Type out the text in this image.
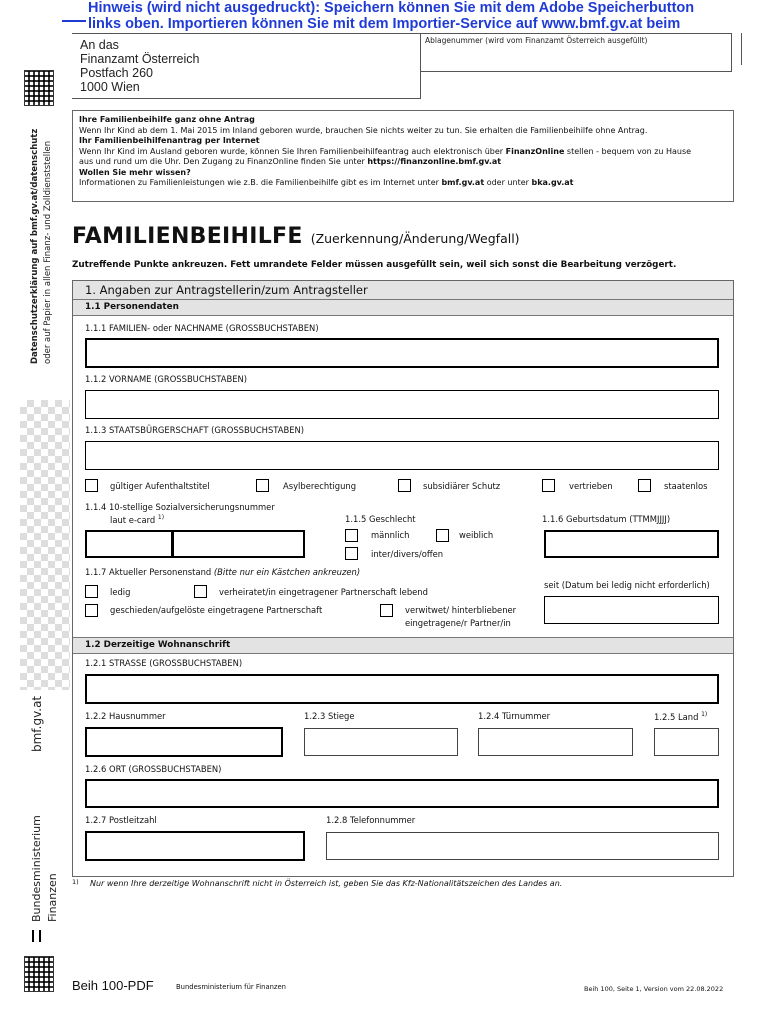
Hinweis (wird nicht ausgedruckt): Speichern können Sie mit dem Adobe Speicherbutton
links oben. Importieren können Sie mit dem Importier-Service auf www.bmf.gv.at beim
An das
Finanzamt Österreich
Postfach 260
1000 Wien
Ablagenummer (wird vom Finanzamt Österreich ausgefüllt)
Datenschutzerklärung auf bmf.gv.at/datenschutz oder auf Papier in allen Finanz- und Zolldienststellen
bmf.gv.at
Bundesministerium Finanzen
Ihre Familienbeihilfe ganz ohne Antrag
Wenn Ihr Kind ab dem 1. Mai 2015 im Inland geboren wurde, brauchen Sie nichts weiter zu tun. Sie erhalten die Familienbeihilfe ohne Antrag.
Ihr Familienbeihilfenantrag per Internet
Wenn Ihr Kind im Ausland geboren wurde, können Sie Ihren Familienbeihilfeantrag auch elektronisch über FinanzOnline stellen - bequem von zu Hause
aus und rund um die Uhr. Den Zugang zu FinanzOnline finden Sie unter https://finanzonline.bmf.gv.at
Wollen Sie mehr wissen?
Informationen zu Familienleistungen wie z.B. die Familienbeihilfe gibt es im Internet unter bmf.gv.at oder unter bka.gv.at
FAMILIENBEIHILFE (Zuerkennung/Änderung/Wegfall)
Zutreffende Punkte ankreuzen. Fett umrandete Felder müssen ausgefüllt sein, weil sich sonst die Bearbeitung verzögert.
1. Angaben zur Antragstellerin/zum Antragsteller
1.1 Personendaten
1.2 Derzeitige Wohnanschrift
1.1.1 FAMILIEN- oder NACHNAME (GROSSBUCHSTABEN)
1.1.2 VORNAME (GROSSBUCHSTABEN)
1.1.3 STAATSBÜRGERSCHAFT (GROSSBUCHSTABEN)
gültiger Aufenthaltstitel	Asylberechtigung	subsidiärer Schutz	vertrieben	staatenlos
1.1.4 10-stellige Sozialversicherungsnummer
laut e-card $^{1)}$	1.1.5 Geschlecht
männlich	weiblich
inter/divers/offen
1.1.6 Geburtsdatum (TTMMJJJJ)
1.1.7 Aktueller Personenstand (Bitte nur ein Kästchen ankreuzen)
ledig	verheiratet/in eingetragener Partnerschaft lebend
geschieden/aufgelöste eingetragene Partnerschaft	verwitwet/ hinterbliebener
eingetragene/r Partner/in
seit (Datum bei ledig nicht erforderlich)
1.2.1 STRASSE (GROSSBUCHSTABEN)
1.2.2 Hausnummer	1.2.3 Stiege	1.2.4 Türnummer	1.2.5 Land $^{1)}$
1.2.6 ORT (GROSSBUCHSTABEN)
1.2.7 Postleitzahl	1.2.8 Telefonnummer
1) Nur wenn Ihre derzeitige Wohnanschrift nicht in Österreich ist, geben Sie das Kfz-Nationalitätszeichen des Landes an.
Beih 100-PDF	Bundesministerium für Finanzen	Beih 100, Seite 1, Version vom 22.08.2022
